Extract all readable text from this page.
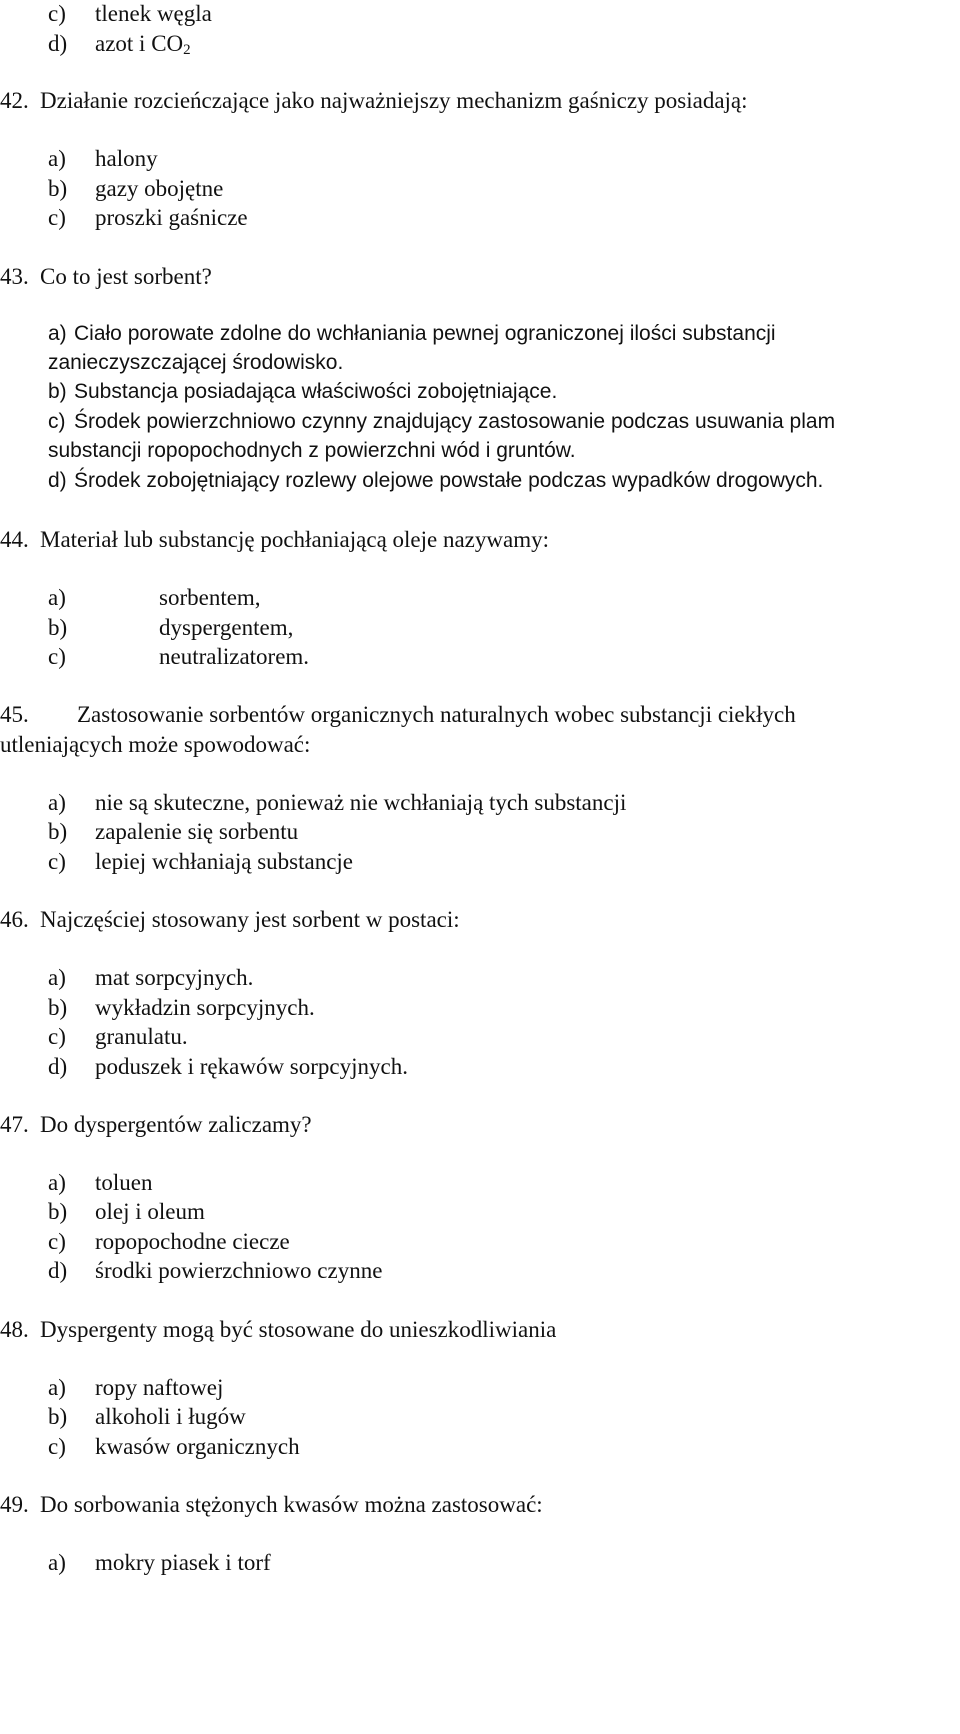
c) tlenek węgla
d) azot i $CO_2$
42. Działanie rozcieńczające jako najważniejszy mechanizm gaśniczy posiadają:
a) halony
b) gazy obojętne
c) proszki gaśnicze
43. Co to jest sorbent?
a) Ciało porowate zdolne do wchłaniania pewnej ograniczonej ilości substancji
zanieczyszczającej środowisko.
b) Substancja posiadająca właściwości zobojętniające.
c) Środek powierzchniowo czynny znajdujący zastosowanie podczas usuwania plam
substancji ropopochodnych z powierzchni wód i gruntów.
d) Środek zobojętniający rozlewy olejowe powstałe podczas wypadków drogowych.
44. Materiał lub substancję pochłaniającą oleje nazywamy:
a)	sorbentem,
b)	dyspergentem,
c)	neutralizatorem.
45. Zastosowanie sorbentów organicznych naturalnych wobec substancji ciekłych
utleniających może spowodować:
a) nie są skuteczne, ponieważ nie wchłaniają tych substancji
b) zapalenie się sorbentu
c) lepiej wchłaniają substancje
46. Najczęściej stosowany jest sorbent w postaci:
a) mat sorpcyjnych.
b) wykładzin sorpcyjnych.
c) granulatu.
d) poduszek i rękawów sorpcyjnych.
47. Do dyspergentów zaliczamy?
a) toluen
b) olej i oleum
c) ropopochodne ciecze
d) środki powierzchniowo czynne
48. Dyspergenty mogą być stosowane do unieszkodliwiania
a) ropy naftowej
b) alkoholi i ługów
c) kwasów organicznych
49. Do sorbowania stężonych kwasów można zastosować:
a) mokry piasek i torf
